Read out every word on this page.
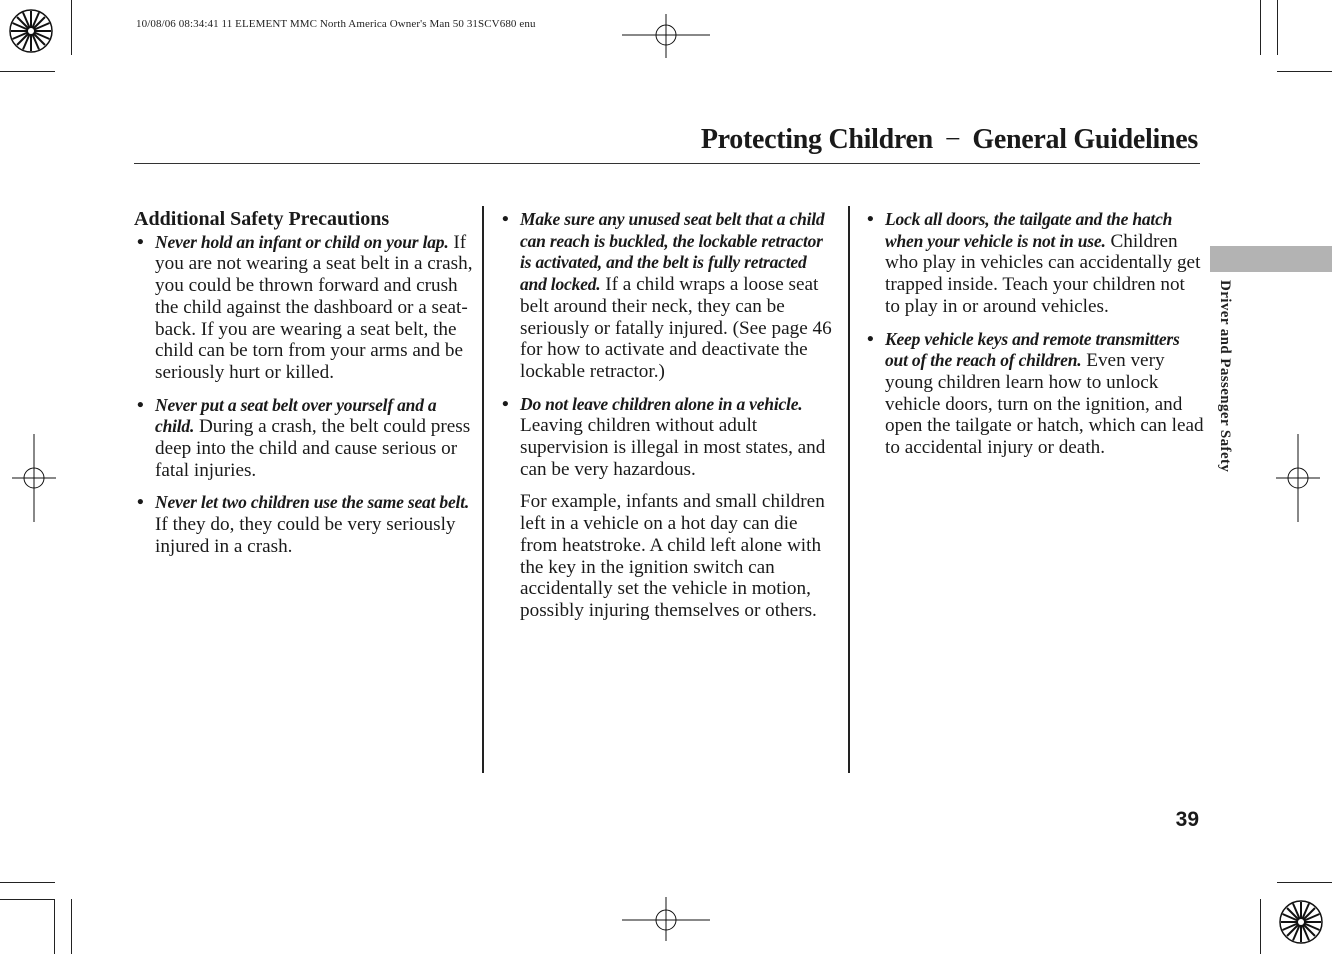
10/08/06 08:34:41 11 ELEMENT MMC North America Owner's Man 50 31SCV680 enu
Protecting Children − General Guidelines
Driver and Passenger Safety
Additional Safety Precautions
• Never hold an infant or child on your lap. If you are not wearing a seat belt in a crash, you could be thrown forward and crush the child against the dashboard or a seat-back. If you are wearing a seat belt, the child can be torn from your arms and be seriously hurt or killed.
• Never put a seat belt over yourself and a child. During a crash, the belt could press deep into the child and cause serious or fatal injuries.
• Never let two children use the same seat belt. If they do, they could be very seriously injured in a crash.
• Make sure any unused seat belt that a child can reach is buckled, the lockable retractor is activated, and the belt is fully retracted and locked. If a child wraps a loose seat belt around their neck, they can be seriously or fatally injured. (See page 46 for how to activate and deactivate the lockable retractor.)
• Do not leave children alone in a vehicle. Leaving children without adult supervision is illegal in most states, and can be very hazardous.
For example, infants and small children left in a vehicle on a hot day can die from heatstroke. A child left alone with the key in the ignition switch can accidentally set the vehicle in motion, possibly injuring themselves or others.
• Lock all doors, the tailgate and the hatch when your vehicle is not in use. Children who play in vehicles can accidentally get trapped inside. Teach your children not to play in or around vehicles.
• Keep vehicle keys and remote transmitters out of the reach of children. Even very young children learn how to unlock vehicle doors, turn on the ignition, and open the tailgate or hatch, which can lead to accidental injury or death.
39
